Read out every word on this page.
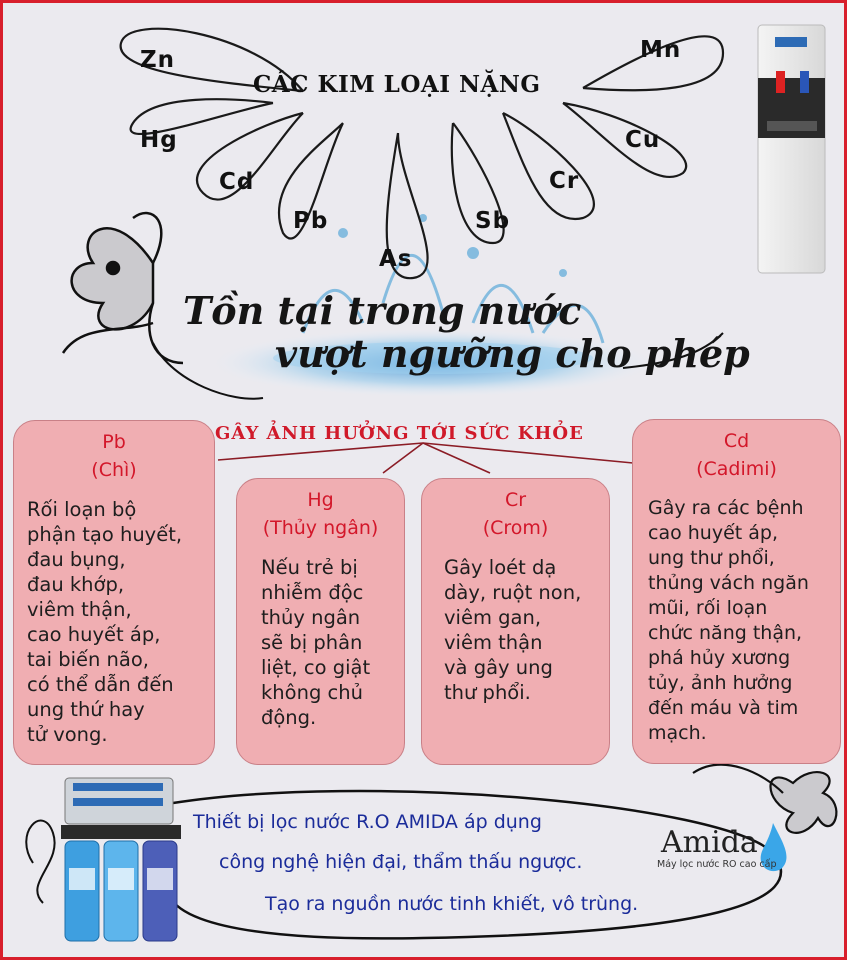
CÁC KIM LOẠI NẶNG
Zn
Hg
Cd
Pb
As
Sb
Cr
Cu
Mn
Tồn tại trong nước
vượt ngưỡng cho phép
GÂY ẢNH HƯỞNG TỚI SỨC KHỎE
Pb
(Chì)
Rối loạn bộ
phận tạo huyết,
đau bụng,
đau khớp,
viêm thận,
cao huyết áp,
tai biến não,
có thể dẫn đến
ung thứ hay
tử vong.
Hg
(Thủy ngân)
Nếu trẻ bị
nhiễm độc
thủy ngân
sẽ bị phân
liệt, co giật
không chủ
động.
Cr
(Crom)
Gây loét dạ
dày, ruột non,
viêm gan,
viêm thận
và gây ung
thư phổi.
Cd
(Cadimi)
Gây ra các bệnh
cao huyết áp,
ung thư phổi,
thủng vách ngăn
mũi, rối loạn
chức năng thận,
phá hủy xương
tủy, ảnh hưởng
đến máu và tim
mạch.
Thiết bị lọc nước R.O AMIDA áp dụng
công nghệ hiện đại, thẩm thấu ngược.
Tạo ra nguồn nước tinh khiết, vô trùng.
Amida
Máy lọc nước RO cao cấp
